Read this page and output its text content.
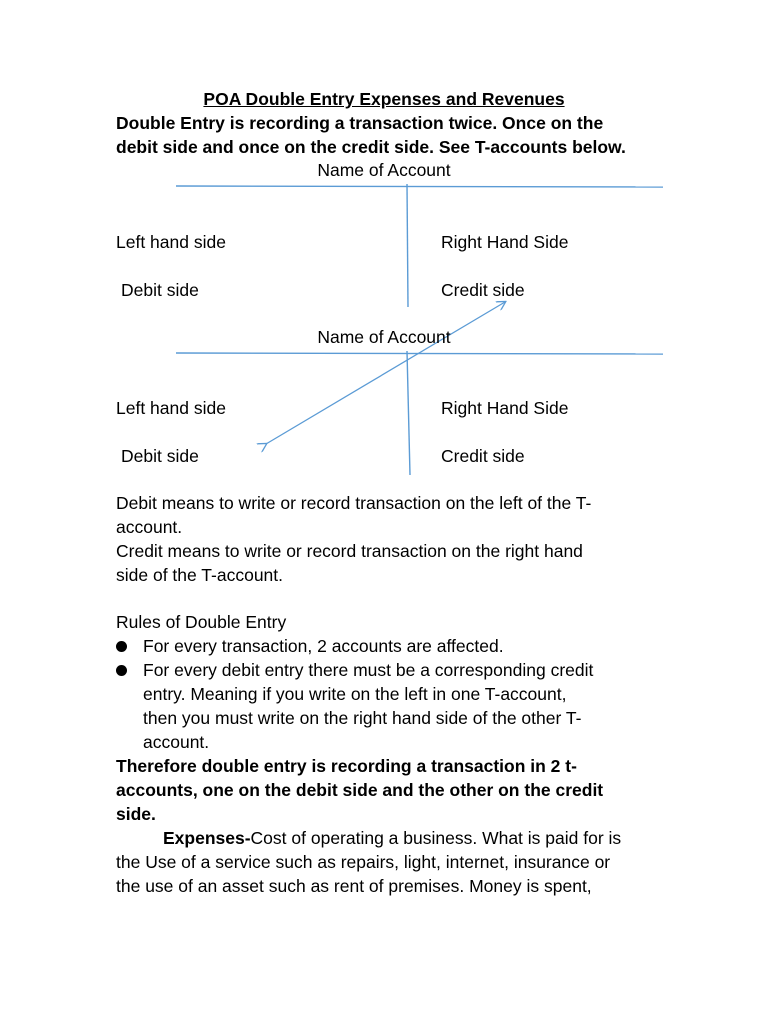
POA Double Entry Expenses and Revenues
Double Entry is recording a transaction twice. Once on the
debit side and once on the credit side. See T-accounts below.
Name of Account
Left hand side	Right Hand Side
Debit side	Credit side
Name of Account
Left hand side	Right Hand Side
Debit side	Credit side
Debit means to write or record transaction on the left of the T-
account.
Credit means to write or record transaction on the right hand
side of the T-account.
Rules of Double Entry
For every transaction, 2 accounts are affected.
For every debit entry there must be a corresponding credit
entry. Meaning if you write on the left in one T-account,
then you must write on the right hand side of the other T-
account.
Therefore double entry is recording a transaction in 2 t-
accounts, one on the debit side and the other on the credit
side.
Expenses-Cost of operating a business. What is paid for is
the Use of a service such as repairs, light, internet, insurance or
the use of an asset such as rent of premises. Money is spent,
